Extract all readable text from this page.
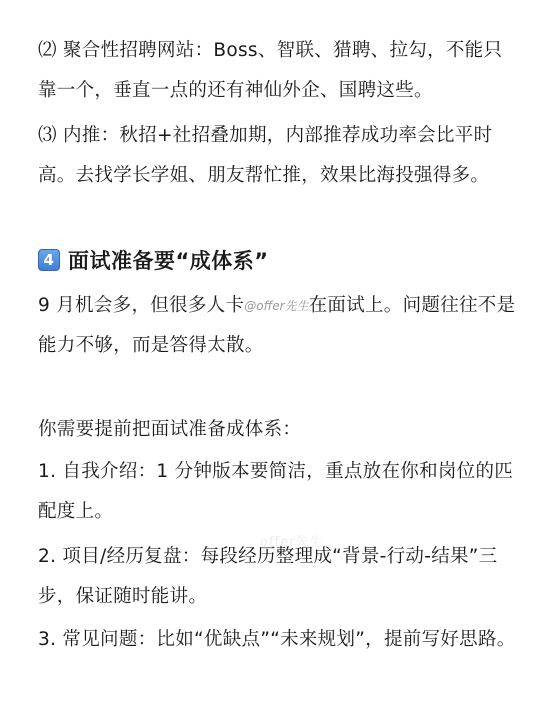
⑵ 聚合性招聘网站：Boss、智联、猎聘、拉勾，不能只
靠一个，垂直一点的还有神仙外企、国聘这些。
⑶ 内推：秋招+社招叠加期，内部推荐成功率会比平时
高。去找学长学姐、朋友帮忙推，效果比海投强得多。
4 面试准备要“成体系”
9 月机会多，但很多人卡@offer先生在面试上。问题往往不是
能力不够，而是答得太散。
你需要提前把面试准备成体系：
1. 自我介绍：1 分钟版本要简洁，重点放在你和岗位的匹
配度上。
2. 项目/经历复盘：每段经历整理成“背景-行动-结果”三
步，保证随时能讲。
3. 常见问题：比如“优缺点”“未来规划”，提前写好思路。
offer先生
